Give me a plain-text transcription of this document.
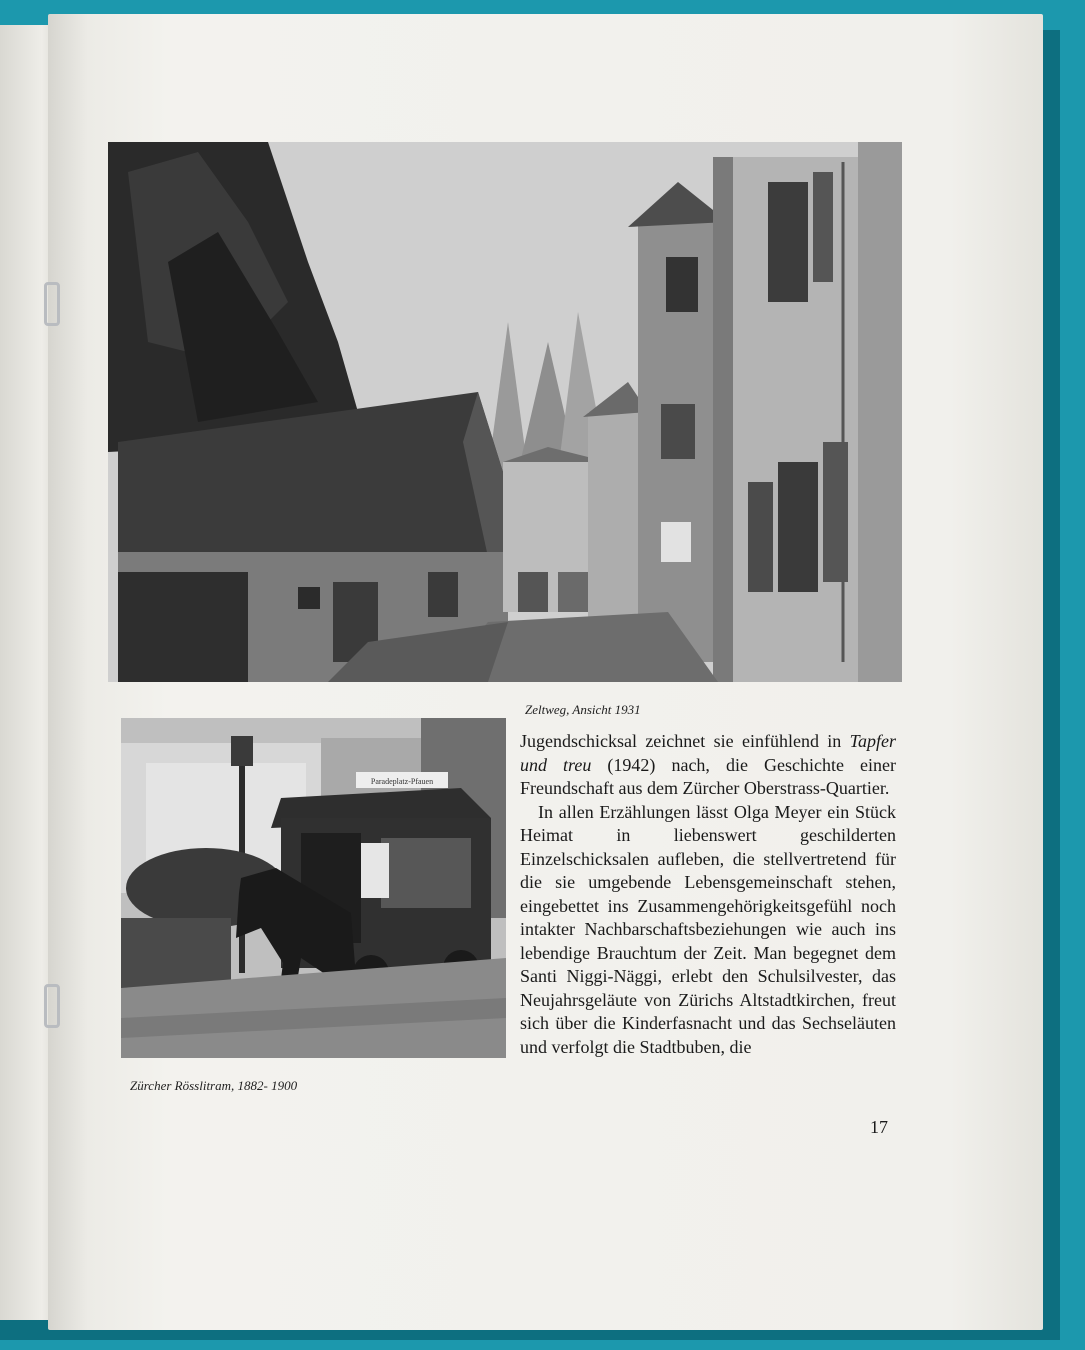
Zeltweg, Ansicht 1931
Paradeplatz-Pfauen
Zürcher Rösslitram, 1882- 1900

Jugendschicksal zeichnet sie einfühlend in Tapfer und treu (1942) nach, die Geschichte einer Freundschaft aus dem Zürcher Oberstrass-Quartier.

In allen Erzählungen lässt Olga Meyer ein Stück Heimat in liebenswert geschilderten Einzelschicksalen aufleben, die stellvertretend für die sie umgebende Lebensgemeinschaft stehen, eingebettet ins Zusammengehörigkeitsgefühl noch intakter Nachbarschaftsbeziehungen wie auch ins lebendige Brauchtum der Zeit. Man begegnet dem Santi Niggi-Näggi, erlebt den Schulsilvester, das Neujahrsgeläute von Zürichs Altstadtkirchen, freut sich über die Kinderfasnacht und das Sechseläuten und verfolgt die Stadtbuben, die

17
